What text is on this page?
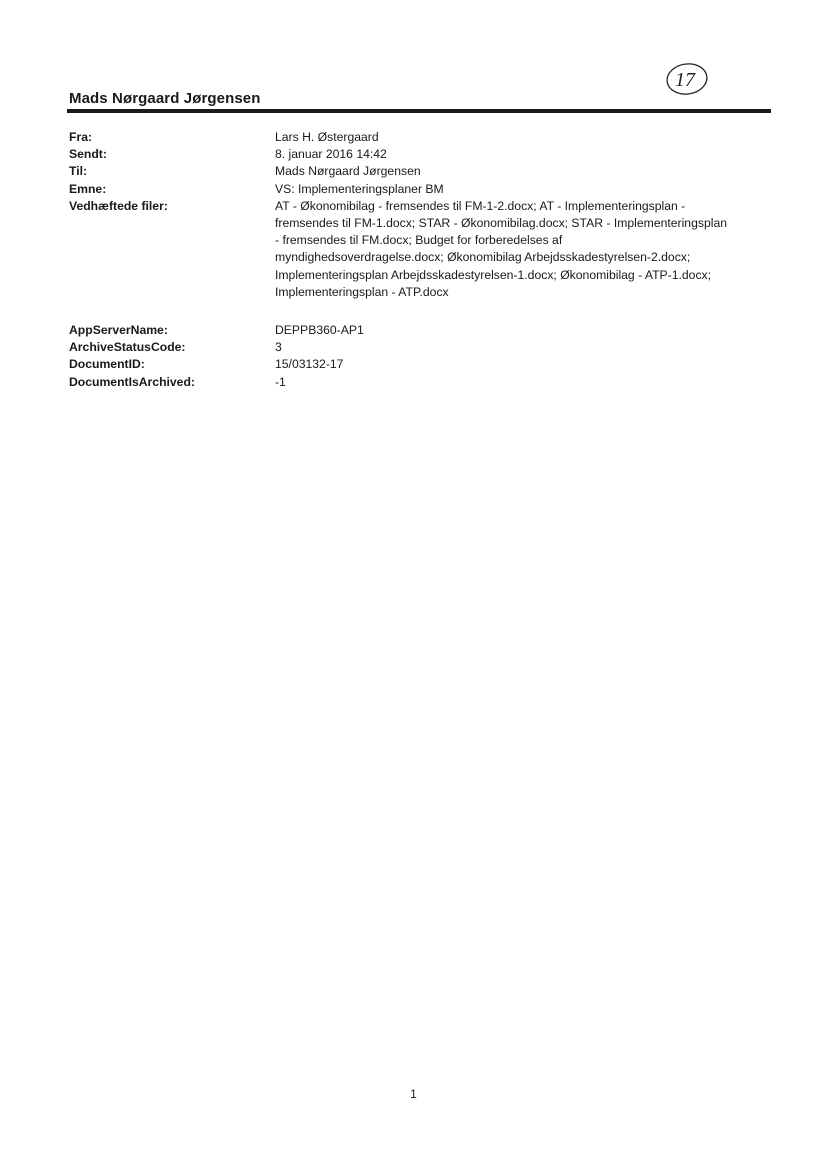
Mads Nørgaard Jørgensen
17
Fra:	Lars H. Østergaard
Sendt:	8. januar 2016 14:42
Til:	Mads Nørgaard Jørgensen
Emne:	VS: Implementeringsplaner BM
Vedhæftede filer:	AT - Økonomibilag - fremsendes til FM-1-2.docx; AT - Implementeringsplan -
fremsendes til FM-1.docx; STAR - Økonomibilag.docx; STAR - Implementeringsplan
- fremsendes til FM.docx; Budget for forberedelses af
myndighedsoverdragelse.docx; Økonomibilag Arbejdsskadestyrelsen-2.docx;
Implementeringsplan Arbejdsskadestyrelsen-1.docx; Økonomibilag - ATP-1.docx;
Implementeringsplan - ATP.docx
AppServerName:	DEPPB360-AP1
ArchiveStatusCode:	3
DocumentID:	15/03132-17
DocumentIsArchived:	-1
1
